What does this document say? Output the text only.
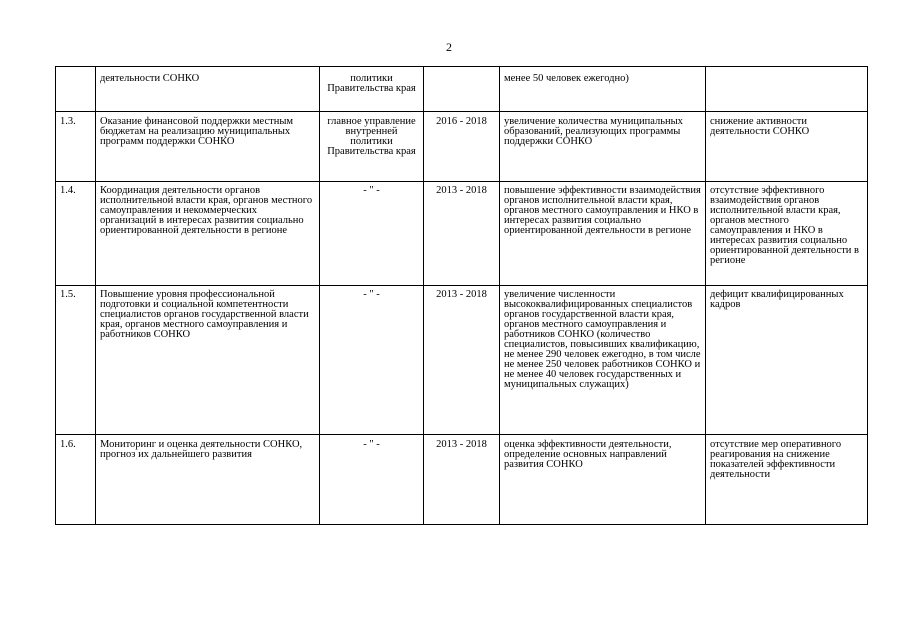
2
	деятельности СОНКО	политики Правительства края		менее 50 человек ежегодно)	
1.3.	Оказание финансовой поддержки местным бюджетам на реализацию муниципальных программ поддержки СОНКО	главное управление внутренней политики Правительства края	2016 - 2018	увеличение количества муниципальных образований, реализующих программы поддержки СОНКО	снижение активности деятельности СОНКО
1.4.	Координация деятельности органов исполнительной власти края, органов местного самоуправления и некоммерческих организаций в интересах развития социально ориентированной деятельности в регионе	- " -	2013 - 2018	повышение эффективности взаимодействия органов исполнительной власти края, органов местного самоуправления и НКО в интересах развития социально ориентированной деятельности в регионе	отсутствие эффективного взаимодействия органов исполнительной власти края, органов местного самоуправления и НКО в интересах развития социально ориентированной деятельности в регионе
1.5.	Повышение уровня профессиональной подготовки и социальной компетентности специалистов органов государственной власти края, органов местного самоуправления и работников СОНКО	- " -	2013 - 2018	увеличение численности высококвалифицированных специалистов органов государственной власти края, органов местного самоуправления и работников СОНКО (количество специалистов, повысивших квалификацию, не менее 290 человек ежегодно, в том числе не менее 250 человек работников СОНКО и не менее 40 человек государственных и муниципальных служащих)	дефицит квалифицированных кадров
1.6.	Мониторинг и оценка деятельности СОНКО, прогноз их дальнейшего развития	- " -	2013 - 2018	оценка эффективности деятельности, определение основных направлений развития СОНКО	отсутствие мер оперативного реагирования на снижение показателей эффективности деятельности
